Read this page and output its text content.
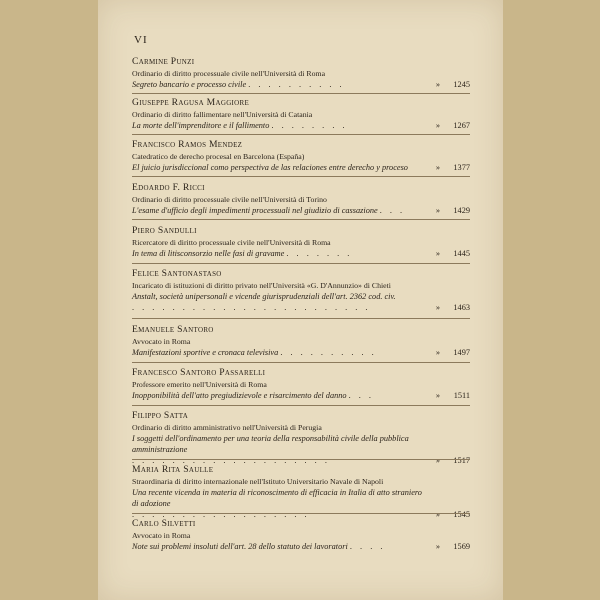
VI
Carmine Punzi
Ordinario di diritto processuale civile nell'Università di Roma
Segreto bancario e processo civile . . . . . . . . . .	» 1245
Giuseppe Ragusa Maggiore
Ordinario di diritto fallimentare nell'Università di Catania
La morte dell'imprenditore e il fallimento . . . . . . . .	» 1267
Francisco Ramos Mendez
Catedratico de derecho procesal en Barcelona (España)
El juicio jurisdiccional como perspectiva de las relaciones entre derecho y proceso	» 1377
Edoardo F. Ricci
Ordinario di diritto processuale civile nell'Università di Torino
L'esame d'ufficio degli impedimenti processuali nel giudizio di cassazione . . .	» 1429
Piero Sandulli
Ricercatore di diritto processuale civile nell'Università di Roma
In tema di litisconsorzio nelle fasi di gravame . . . . . . .	» 1445
Felice Santonastaso
Incaricato di istituzioni di diritto privato nell'Università «G. D'Annunzio» di Chieti
Anstalt, società unipersonali e vicende giurisprudenziali dell'art. 2362 cod. civ.
. . . . . . . . . . . . . . . . . . . . . . . .	» 1463
Emanuele Santoro
Avvocato in Roma
Manifestazioni sportive e cronaca televisiva . . . . . . . . . .	» 1497
Francesco Santoro Passarelli
Professore emerito nell'Università di Roma
Inopponibilità dell'atto pregiudizievole e risarcimento del danno . . .	» 1511
Filippo Satta
Ordinario di diritto amministrativo nell'Università di Perugia
I soggetti dell'ordinamento per una teoria della responsabilità civile della pubblica amministrazione
. . . . . . . . . . . . . . . . . . . .	» 1517
Maria Rita Saulle
Straordinaria di diritto internazionale nell'Istituto Universitario Navale di Napoli
Una recente vicenda in materia di riconoscimento di efficacia in Italia di atto straniero di adozione
. . . . . . . . . . . . . . . . . .	» 1545
Carlo Silvetti
Avvocato in Roma
Note sui problemi insoluti dell'art. 28 dello statuto dei lavoratori . . . .	» 1569
